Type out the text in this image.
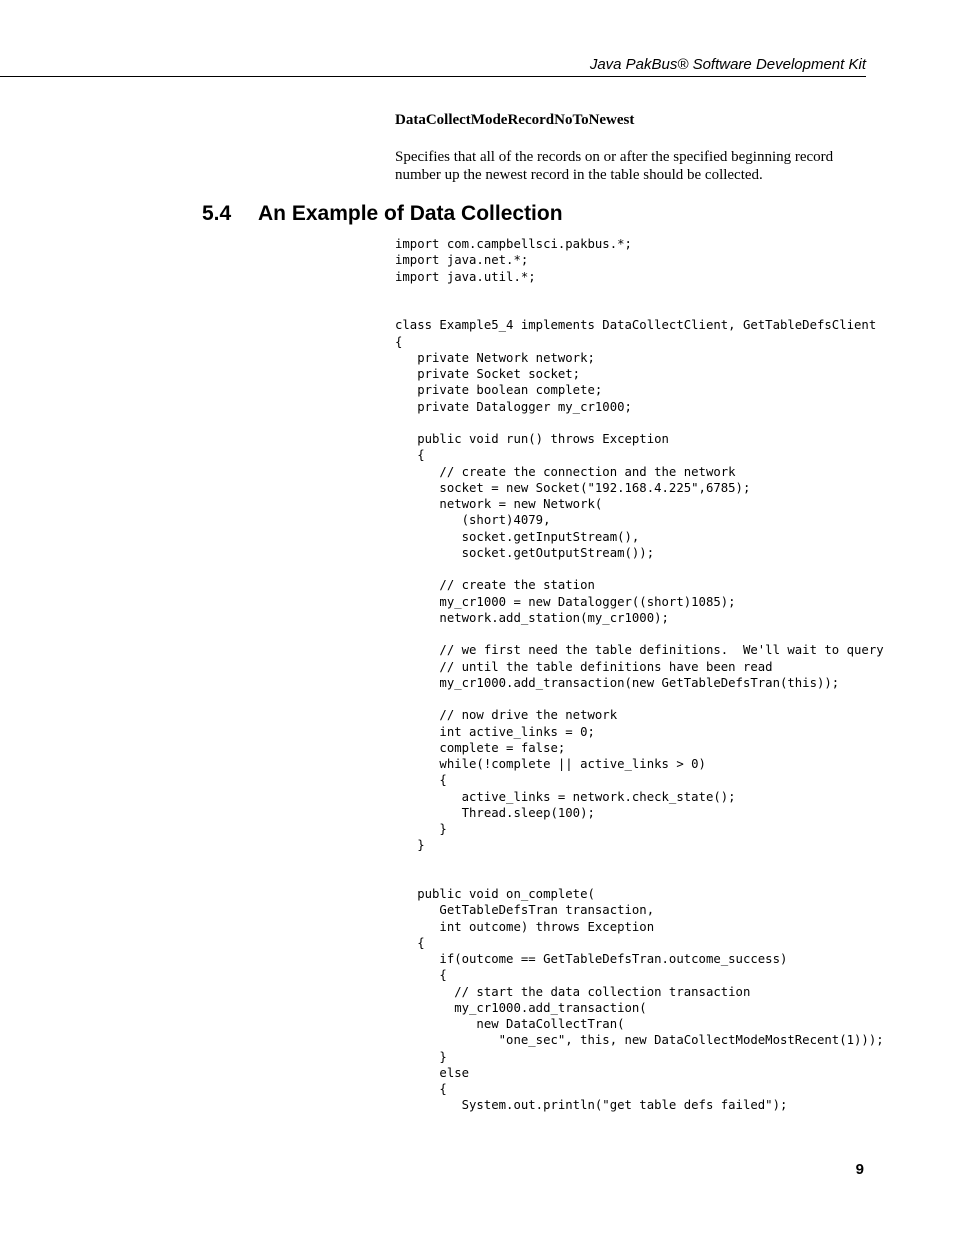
Java PakBus® Software Development Kit
DataCollectModeRecordNoToNewest

Specifies that all of the records on or after the specified beginning record number up the newest record in the table should be collected.

5.4 An Example of Data Collection
import com.campbellsci.pakbus.*;
import java.net.*;
import java.util.*;
class Example5_4 implements DataCollectClient, GetTableDefsClient
{
private Network network;
private Socket socket;
private boolean complete;
private Datalogger my_cr1000;
public void run() throws Exception
{
// create the connection and the network
socket = new Socket("192.168.4.225",6785);
network = new Network(
(short)4079,
socket.getInputStream(),
socket.getOutputStream());
// create the station
my_cr1000 = new Datalogger((short)1085);
network.add_station(my_cr1000);
// we first need the table definitions.  We'll wait to query
// until the table definitions have been read
my_cr1000.add_transaction(new GetTableDefsTran(this));
// now drive the network
int active_links = 0;
complete = false;
while(!complete || active_links > 0)
{
active_links = network.check_state();
Thread.sleep(100);
}
}
public void on_complete(
GetTableDefsTran transaction,
int outcome) throws Exception
{
if(outcome == GetTableDefsTran.outcome_success)
{
// start the data collection transaction
my_cr1000.add_transaction(
new DataCollectTran(
"one_sec", this, new DataCollectModeMostRecent(1)));
}
else
{
System.out.println("get table defs failed");
9
